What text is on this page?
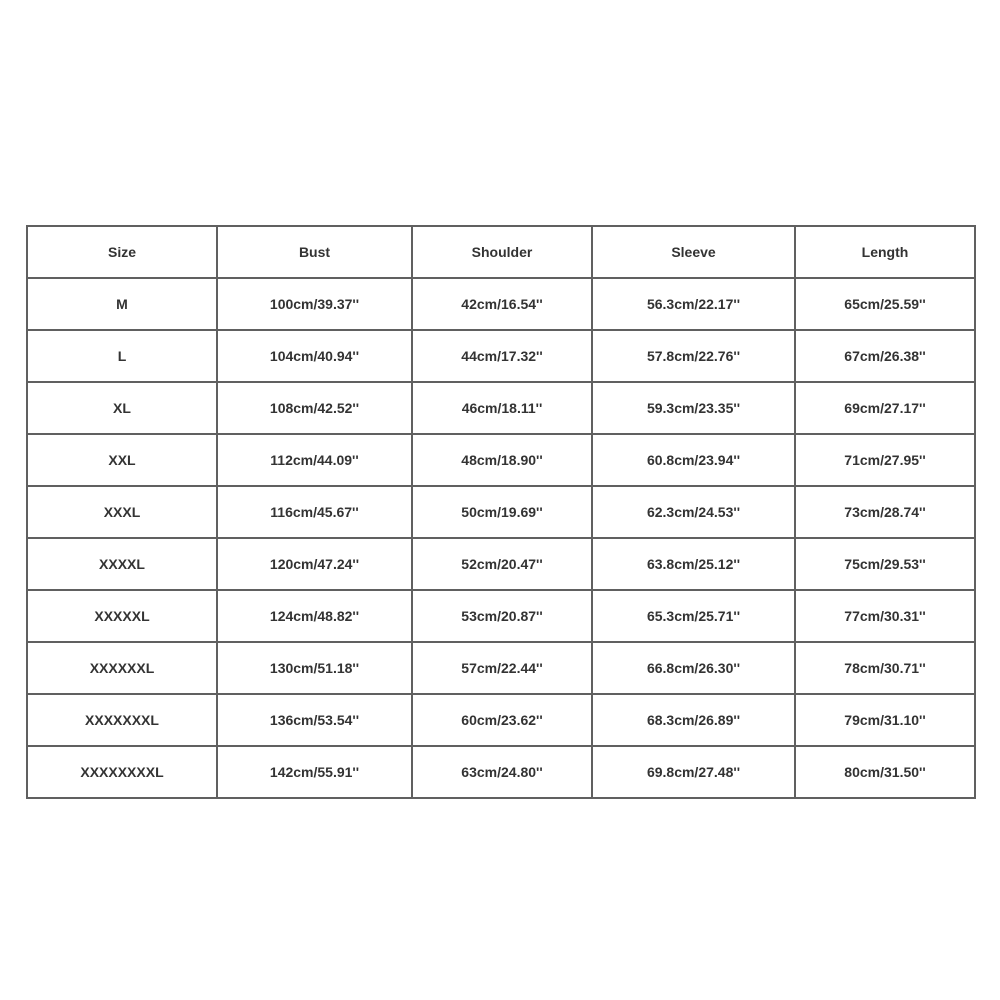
Size	Bust	Shoulder	Sleeve	Length
M	100cm/39.37''	42cm/16.54''	56.3cm/22.17''	65cm/25.59''
L	104cm/40.94''	44cm/17.32''	57.8cm/22.76''	67cm/26.38''
XL	108cm/42.52''	46cm/18.11''	59.3cm/23.35''	69cm/27.17''
XXL	112cm/44.09''	48cm/18.90''	60.8cm/23.94''	71cm/27.95''
XXXL	116cm/45.67''	50cm/19.69''	62.3cm/24.53''	73cm/28.74''
XXXXL	120cm/47.24''	52cm/20.47''	63.8cm/25.12''	75cm/29.53''
XXXXXL	124cm/48.82''	53cm/20.87''	65.3cm/25.71''	77cm/30.31''
XXXXXXL	130cm/51.18''	57cm/22.44''	66.8cm/26.30''	78cm/30.71''
XXXXXXXL	136cm/53.54''	60cm/23.62''	68.3cm/26.89''	79cm/31.10''
XXXXXXXXL	142cm/55.91''	63cm/24.80''	69.8cm/27.48''	80cm/31.50''
